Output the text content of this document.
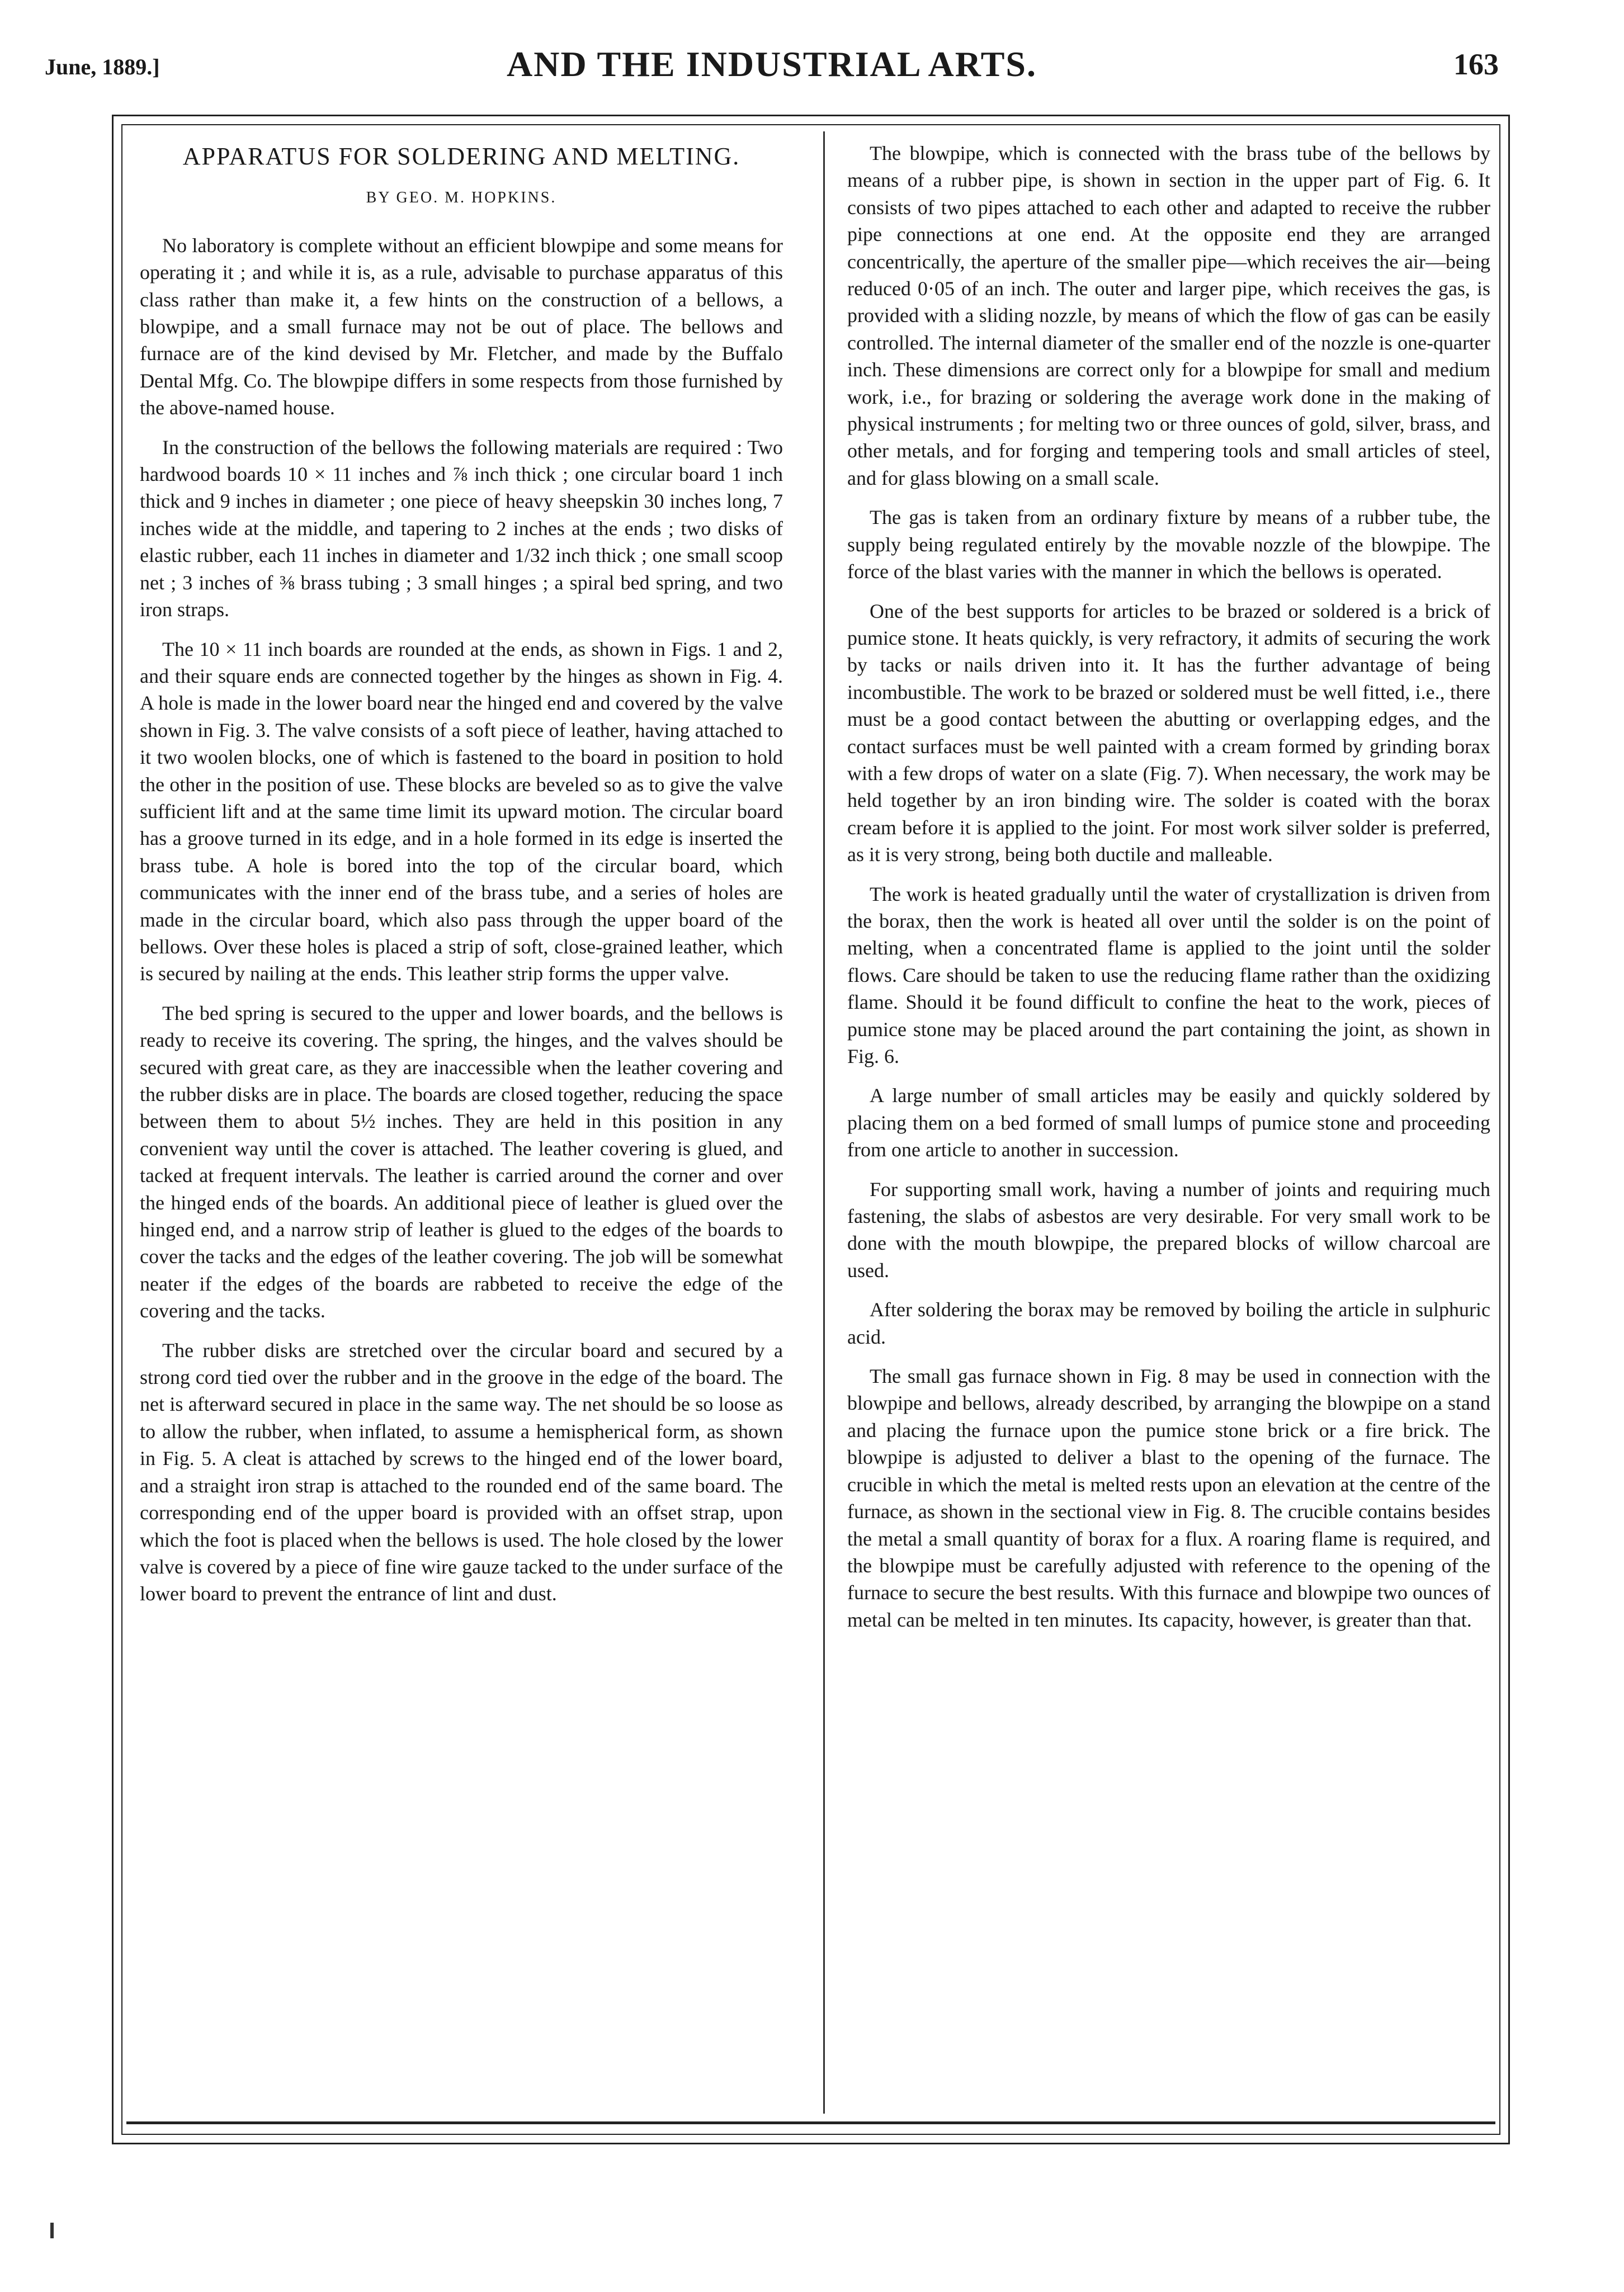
June, 1889.]	AND THE INDUSTRIAL ARTS.	163
APPARATUS FOR SOLDERING AND MELTING.
BY GEO. M. HOPKINS.

No laboratory is complete without an efficient blowpipe and some means for operating it ; and while it is, as a rule, advisable to purchase apparatus of this class rather than make it, a few hints on the construction of a bellows, a blowpipe, and a small furnace may not be out of place. The bellows and furnace are of the kind devised by Mr. Fletcher, and made by the Buffalo Dental Mfg. Co. The blowpipe differs in some respects from those furnished by the above-named house.

In the construction of the bellows the following materials are required : Two hardwood boards 10 × 11 inches and ⅞ inch thick ; one circular board 1 inch thick and 9 inches in diameter ; one piece of heavy sheepskin 30 inches long, 7 inches wide at the middle, and tapering to 2 inches at the ends ; two disks of elastic rubber, each 11 inches in diameter and 1/32 inch thick ; one small scoop net ; 3 inches of ⅜ brass tubing ; 3 small hinges ; a spiral bed spring, and two iron straps.

The 10 × 11 inch boards are rounded at the ends, as shown in Figs. 1 and 2, and their square ends are connected together by the hinges as shown in Fig. 4. A hole is made in the lower board near the hinged end and covered by the valve shown in Fig. 3. The valve consists of a soft piece of leather, having attached to it two woolen blocks, one of which is fastened to the board in position to hold the other in the position of use. These blocks are beveled so as to give the valve sufficient lift and at the same time limit its upward motion. The circular board has a groove turned in its edge, and in a hole formed in its edge is inserted the brass tube. A hole is bored into the top of the circular board, which communicates with the inner end of the brass tube, and a series of holes are made in the circular board, which also pass through the upper board of the bellows. Over these holes is placed a strip of soft, close-grained leather, which is secured by nailing at the ends. This leather strip forms the upper valve.

The bed spring is secured to the upper and lower boards, and the bellows is ready to receive its covering. The spring, the hinges, and the valves should be secured with great care, as they are inaccessible when the leather covering and the rubber disks are in place. The boards are closed together, reducing the space between them to about 5½ inches. They are held in this position in any convenient way until the cover is attached. The leather covering is glued, and tacked at frequent intervals. The leather is carried around the corner and over the hinged ends of the boards. An additional piece of leather is glued over the hinged end, and a narrow strip of leather is glued to the edges of the boards to cover the tacks and the edges of the leather covering. The job will be somewhat neater if the edges of the boards are rabbeted to receive the edge of the covering and the tacks.

The rubber disks are stretched over the circular board and secured by a strong cord tied over the rubber and in the groove in the edge of the board. The net is afterward secured in place in the same way. The net should be so loose as to allow the rubber, when inflated, to assume a hemispherical form, as shown in Fig. 5. A cleat is attached by screws to the hinged end of the lower board, and a straight iron strap is attached to the rounded end of the same board. The corresponding end of the upper board is provided with an offset strap, upon which the foot is placed when the bellows is used. The hole closed by the lower valve is covered by a piece of fine wire gauze tacked to the under surface of the lower board to prevent the entrance of lint and dust.

The blowpipe, which is connected with the brass tube of the bellows by means of a rubber pipe, is shown in section in the upper part of Fig. 6. It consists of two pipes attached to each other and adapted to receive the rubber pipe connections at one end. At the opposite end they are arranged concentrically, the aperture of the smaller pipe—which receives the air—being reduced 0·05 of an inch. The outer and larger pipe, which receives the gas, is provided with a sliding nozzle, by means of which the flow of gas can be easily controlled. The internal diameter of the smaller end of the nozzle is one-quarter inch. These dimensions are correct only for a blowpipe for small and medium work, i.e., for brazing or soldering the average work done in the making of physical instruments ; for melting two or three ounces of gold, silver, brass, and other metals, and for forging and tempering tools and small articles of steel, and for glass blowing on a small scale.

The gas is taken from an ordinary fixture by means of a rubber tube, the supply being regulated entirely by the movable nozzle of the blowpipe. The force of the blast varies with the manner in which the bellows is operated.

One of the best supports for articles to be brazed or soldered is a brick of pumice stone. It heats quickly, is very refractory, it admits of securing the work by tacks or nails driven into it. It has the further advantage of being incombustible. The work to be brazed or soldered must be well fitted, i.e., there must be a good contact between the abutting or overlapping edges, and the contact surfaces must be well painted with a cream formed by grinding borax with a few drops of water on a slate (Fig. 7). When necessary, the work may be held together by an iron binding wire. The solder is coated with the borax cream before it is applied to the joint. For most work silver solder is preferred, as it is very strong, being both ductile and malleable.

The work is heated gradually until the water of crystallization is driven from the borax, then the work is heated all over until the solder is on the point of melting, when a concentrated flame is applied to the joint until the solder flows. Care should be taken to use the reducing flame rather than the oxidizing flame. Should it be found difficult to confine the heat to the work, pieces of pumice stone may be placed around the part containing the joint, as shown in Fig. 6.

A large number of small articles may be easily and quickly soldered by placing them on a bed formed of small lumps of pumice stone and proceeding from one article to another in succession.

For supporting small work, having a number of joints and requiring much fastening, the slabs of asbestos are very desirable. For very small work to be done with the mouth blowpipe, the prepared blocks of willow charcoal are used.

After soldering the borax may be removed by boiling the article in sulphuric acid.

The small gas furnace shown in Fig. 8 may be used in connection with the blowpipe and bellows, already described, by arranging the blowpipe on a stand and placing the furnace upon the pumice stone brick or a fire brick. The blowpipe is adjusted to deliver a blast to the opening of the furnace. The crucible in which the metal is melted rests upon an elevation at the centre of the furnace, as shown in the sectional view in Fig. 8. The crucible contains besides the metal a small quantity of borax for a flux. A roaring flame is required, and the blowpipe must be carefully adjusted with reference to the opening of the furnace to secure the best results. With this furnace and blowpipe two ounces of metal can be melted in ten minutes. Its capacity, however, is greater than that.
